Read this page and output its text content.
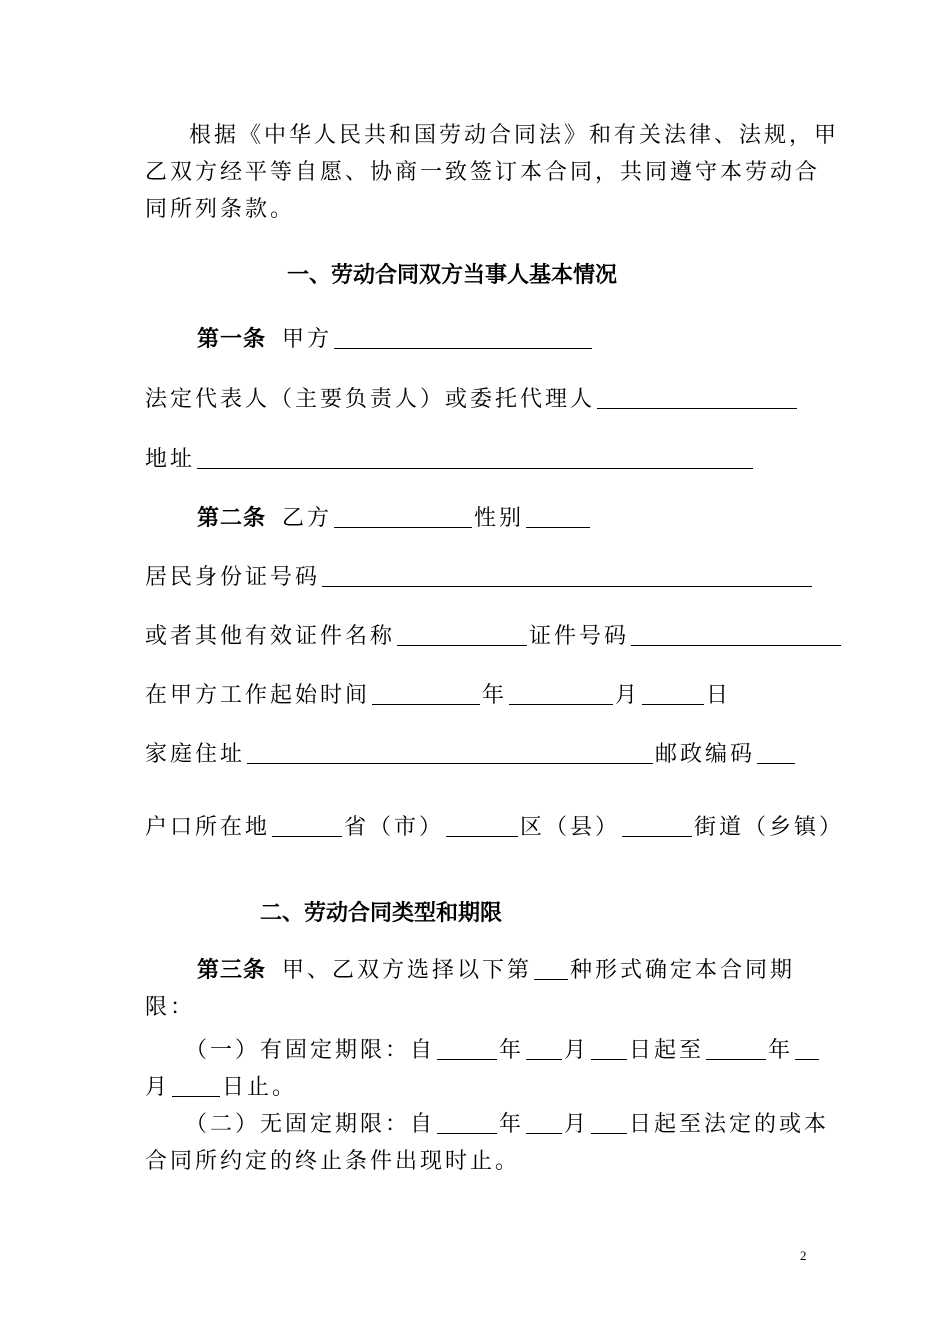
根据《中华人民共和国劳动合同法》和有关法律、法规，甲
乙双方经平等自愿、协商一致签订本合同，共同遵守本劳动合
同所列条款。
一、劳动合同双方当事人基本情况
第一条 甲方
法定代表人（主要负责人）或委托代理人
地址
第二条 乙方	性别
居民身份证号码
或者其他有效证件名称	证件号码
在甲方工作起始时间	年	月	日
家庭住址	邮政编码
户口所在地	省（市）	区（县）	街道（乡镇）
二、劳动合同类型和期限
第三条 甲、乙双方选择以下第 种形式确定本合同期
限：
（一）有固定期限：自	年 月 日起至	年
月 日止。
（二）无固定期限：自	年 月 日起至法定的或本
合同所约定的终止条件出现时止。
2
